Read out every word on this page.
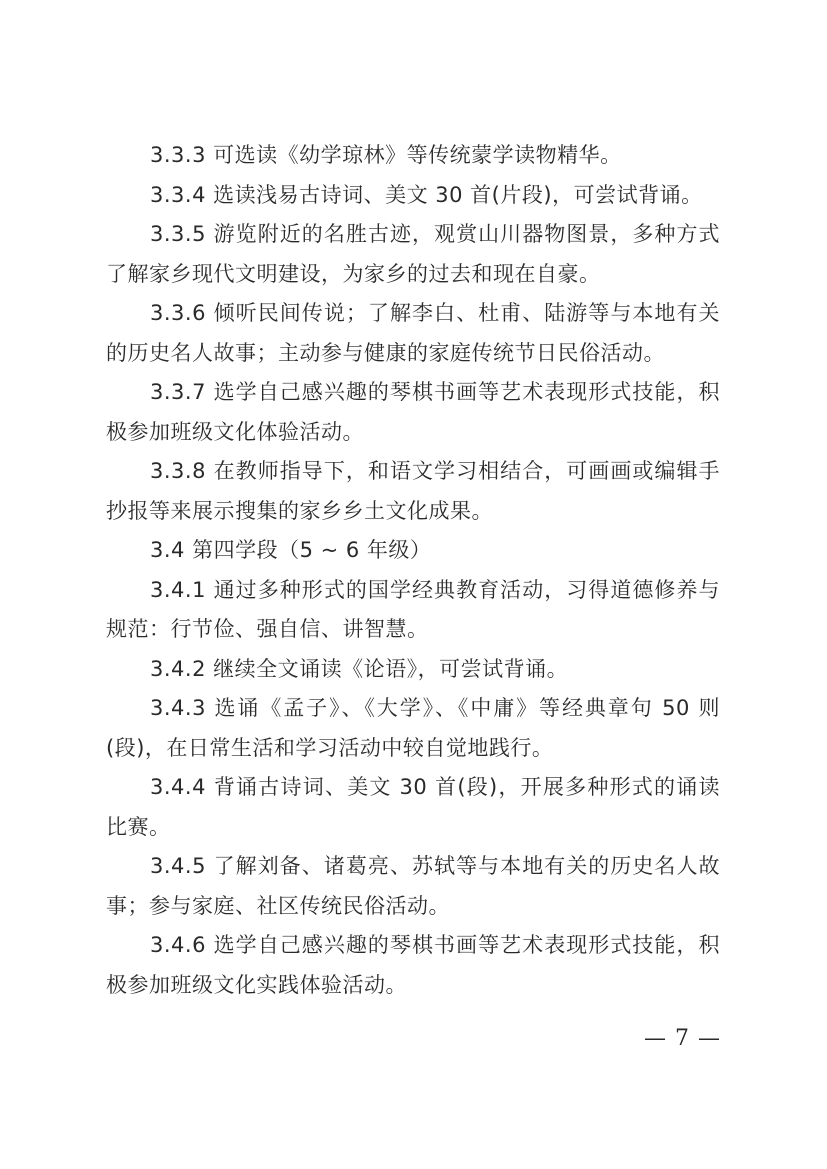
3.3.3 可选读《幼学琼林》等传统蒙学读物精华。

3.3.4 选读浅易古诗词、美文 30 首(片段)，可尝试背诵。

3.3.5 游览附近的名胜古迹，观赏山川器物图景，多种方式了解家乡现代文明建设，为家乡的过去和现在自豪。

3.3.6 倾听民间传说；了解李白、杜甫、陆游等与本地有关的历史名人故事；主动参与健康的家庭传统节日民俗活动。

3.3.7 选学自己感兴趣的琴棋书画等艺术表现形式技能，积极参加班级文化体验活动。

3.3.8 在教师指导下，和语文学习相结合，可画画或编辑手抄报等来展示搜集的家乡乡土文化成果。

3.4 第四学段（5 ~ 6 年级）

3.4.1 通过多种形式的国学经典教育活动，习得道德修养与规范：行节俭、强自信、讲智慧。

3.4.2 继续全文诵读《论语》，可尝试背诵。

3.4.3 选诵《孟子》、《大学》、《中庸》等经典章句 50 则(段)，在日常生活和学习活动中较自觉地践行。

3.4.4 背诵古诗词、美文 30 首(段)，开展多种形式的诵读比赛。

3.4.5 了解刘备、诸葛亮、苏轼等与本地有关的历史名人故事；参与家庭、社区传统民俗活动。

3.4.6 选学自己感兴趣的琴棋书画等艺术表现形式技能，积极参加班级文化实践体验活动。

— 7 —
